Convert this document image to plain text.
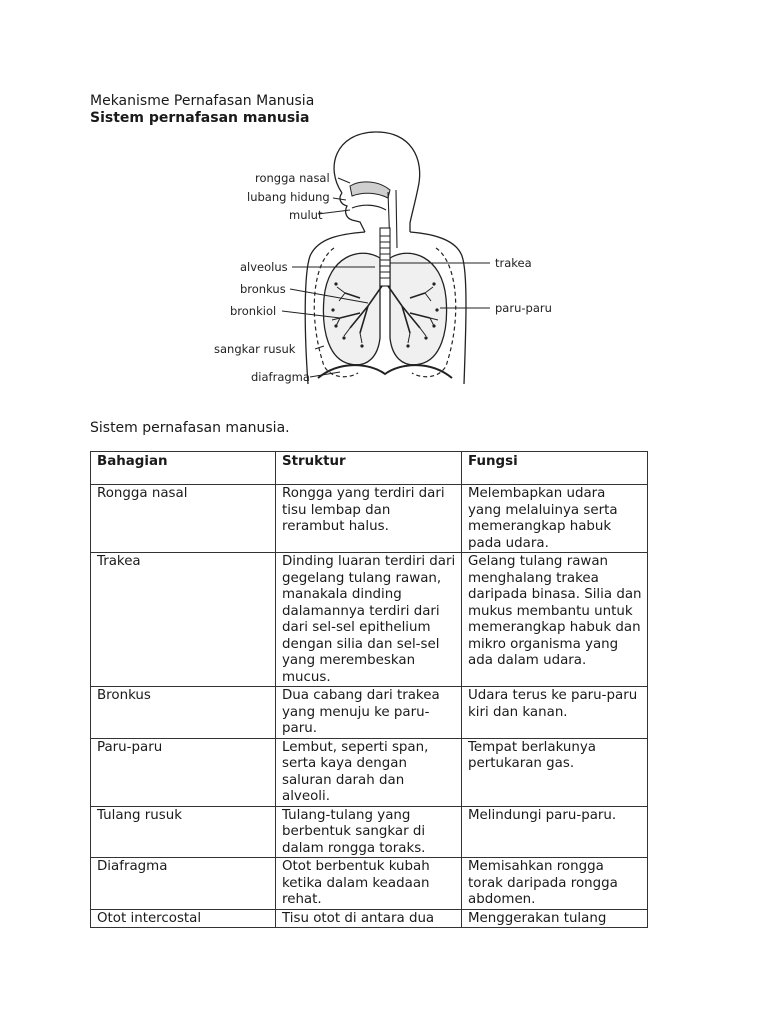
Mekanisme Pernafasan Manusia
Sistem pernafasan manusia
rongga nasal
lubang hidung
mulut
alveolus
bronkus
bronkiol
sangkar rusuk
diafragma
trakea
paru-paru
Sistem pernafasan manusia.
Bahagian	Struktur	Fungsi
Rongga nasal	Rongga yang terdiri dari tisu lembap dan rerambut halus.	Melembapkan udara yang melaluinya serta memerangkap habuk pada udara.
Trakea	Dinding luaran terdiri dari gegelang tulang rawan, manakala dinding dalamannya terdiri dari dari sel-sel epithelium dengan silia dan sel-sel yang merembeskan mucus.	Gelang tulang rawan menghalang trakea daripada binasa. Silia dan mukus membantu untuk memerangkap habuk dan mikro organisma yang ada dalam udara.
Bronkus	Dua cabang dari trakea yang menuju ke paru-paru.	Udara terus ke paru-paru kiri dan kanan.
Paru-paru	Lembut, seperti span, serta kaya dengan saluran darah dan alveoli.	Tempat berlakunya pertukaran gas.
Tulang rusuk	Tulang-tulang yang berbentuk sangkar di dalam rongga toraks.	Melindungi paru-paru.
Diafragma	Otot berbentuk kubah ketika dalam keadaan rehat.	Memisahkan rongga torak daripada rongga abdomen.
Otot intercostal	Tisu otot di antara dua	Menggerakan tulang
